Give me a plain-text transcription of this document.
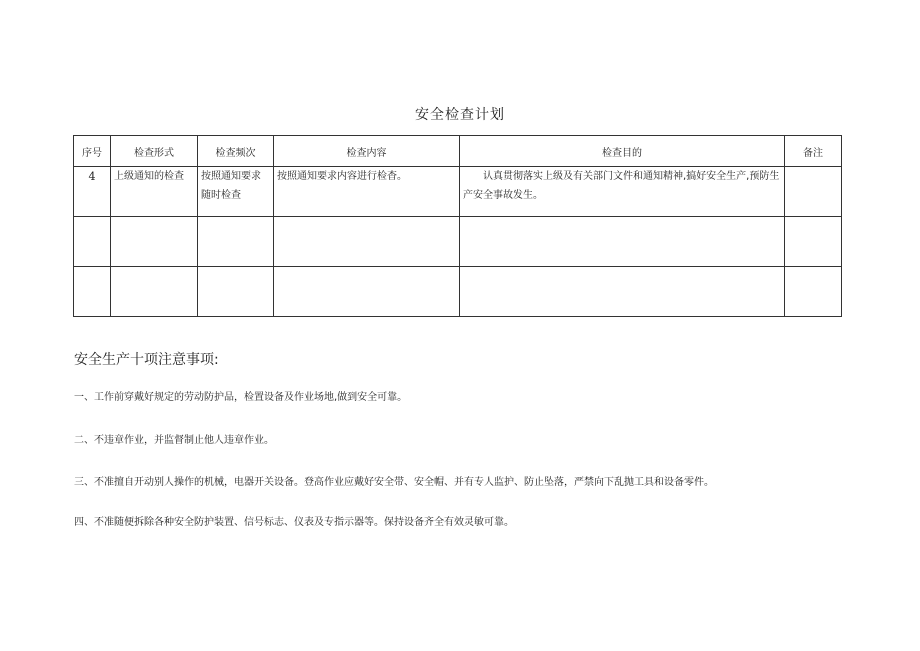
安全检查计划
序号	检查形式	检查频次	检查内容	检查目的	备注
4	上级通知的检查	按照通知要求随时检查	按照通知要求内容进行检杳。	认真贯彻落实上级及有关部门文件和通知精神,搞好安全生产,预防生产安全事故发生。	

安全生产十项注意事项:
一、工作前穿戴好规定的劳动防护品，检置设备及作业场地,做到安全可靠。
二、不违章作业，并监督制止他人违章作业。
三、不准擅自开动别人操作的机械，电器开关设备。登高作业应戴好安全带、安全帽、并有专人监护、防止坠落，严禁向下乱抛工具和设备零件。
四、不准随便拆除各种安全防护装置、信号标志、仪表及专指示器等。保持设备齐全有效灵敏可靠。
